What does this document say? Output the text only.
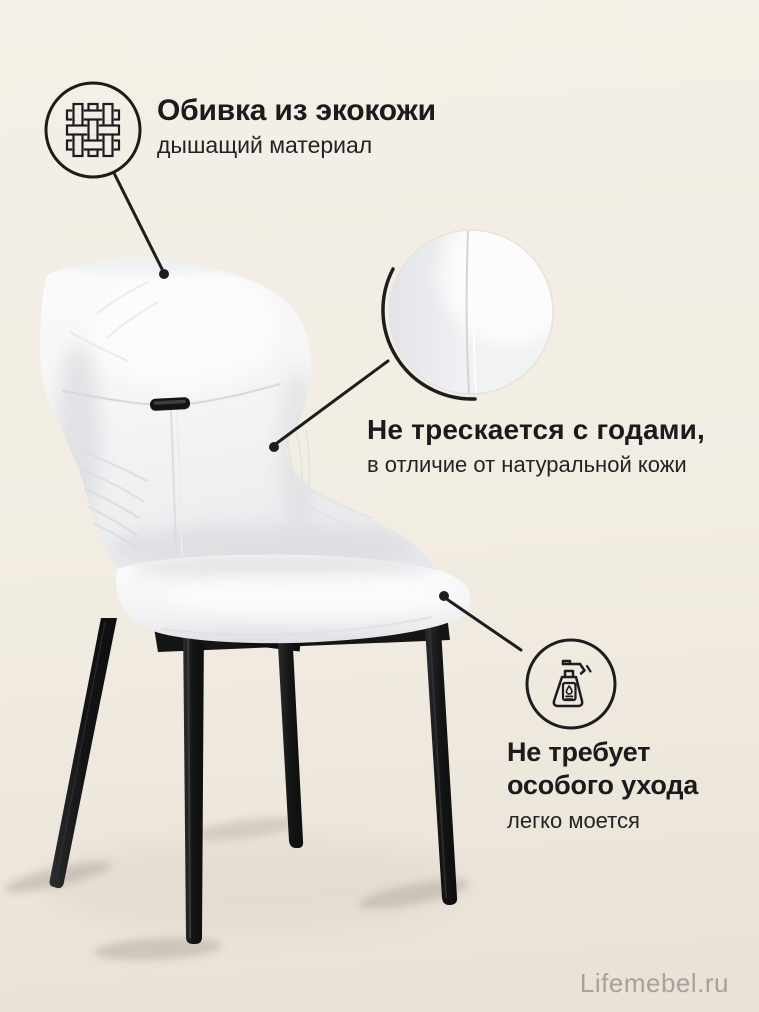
Обивка из экокожи
дышащий материал
Не трескается с годами,
в отличие от натуральной кожи
Не требует
особого ухода
легко моется
Lifemebel.ru
